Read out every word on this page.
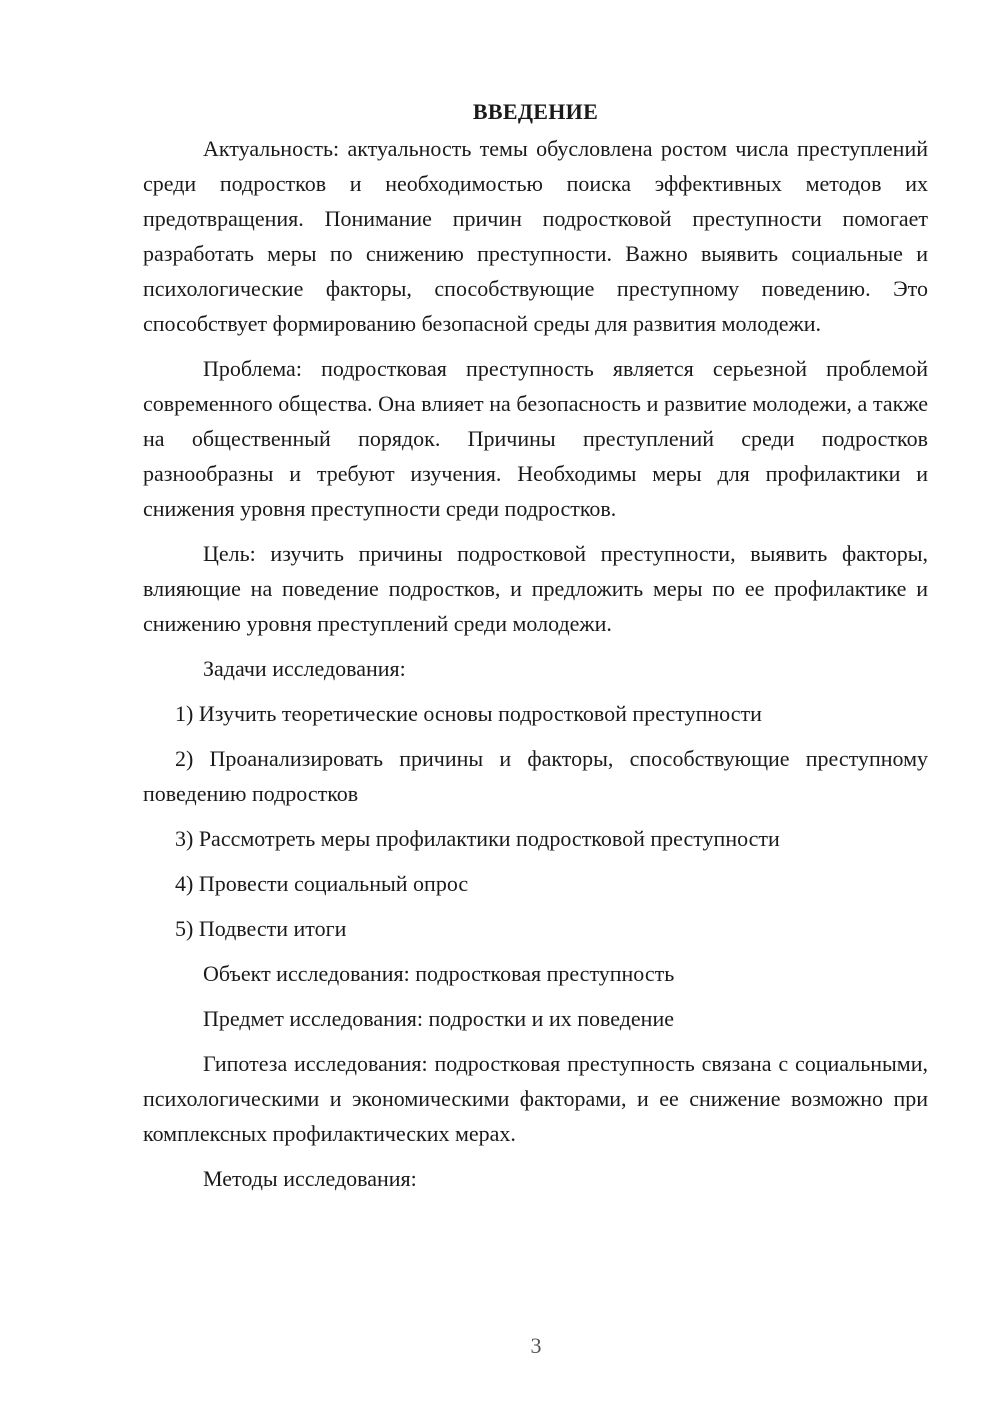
ВВЕДЕНИЕ

Актуальность: актуальность темы обусловлена ростом числа преступлений среди подростков и необходимостью поиска эффективных методов их предотвращения. Понимание причин подростковой преступности помогает разработать меры по снижению преступности. Важно выявить социальные и психологические факторы, способствующие преступному поведению. Это способствует формированию безопасной среды для развития молодежи.

Проблема: подростковая преступность является серьезной проблемой современного общества. Она влияет на безопасность и развитие молодежи, а также на общественный порядок. Причины преступлений среди подростков разнообразны и требуют изучения. Необходимы меры для профилактики и снижения уровня преступности среди подростков.

Цель: изучить причины подростковой преступности, выявить факторы, влияющие на поведение подростков, и предложить меры по ее профилактике и снижению уровня преступлений среди молодежи.

Задачи исследования:

1) Изучить теоретические основы подростковой преступности

2) Проанализировать причины и факторы, способствующие преступному поведению подростков

3) Рассмотреть меры профилактики подростковой преступности

4) Провести социальный опрос

5) Подвести итоги

Объект исследования: подростковая преступность

Предмет исследования: подростки и их поведение

Гипотеза исследования: подростковая преступность связана с социальными, психологическими и экономическими факторами, и ее снижение возможно при комплексных профилактических мерах.

Методы исследования:

3
